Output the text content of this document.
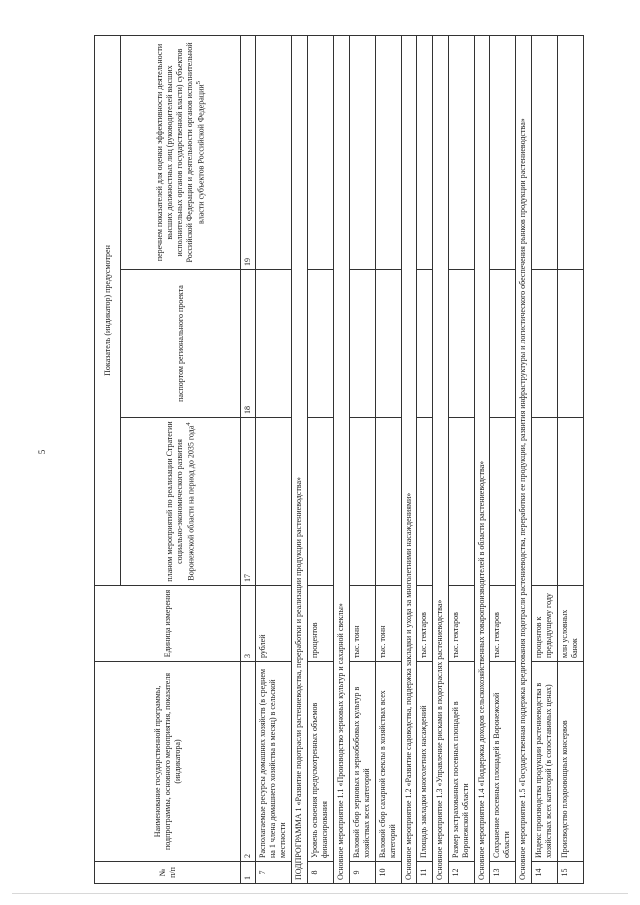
5
№ п/п	Наименование государственной программы, подпрограммы, основного мероприятия, показателя (индикатора)	Единица измерения	Показатель (индикатор) предусмотрен		
			планом мероприятий по реализации Стратегии социально-экономического развития Воронежской области на период до 2035 года$^4$	паспортом регионального проекта	перечнем показателей для оценки эффективности деятельности высших должностных лиц (руководителей высших исполнительных органов государственной власти) субъектов Российской Федерации и деятельности органов исполнительной власти субъектов Российской Федерации$^5$
1	2	3	17	18	19
7	Располагаемые ресурсы домашних хозяйств (в среднем на 1 члена домашнего хозяйства в месяц) в сельской местности	рублей			
ПОДПРОГРАММА 1 «Развитие подотрасли растениеводства, переработки и реализации продукции растениеводства»					
8	Уровень освоения предусмотренных объемов финансирования	процентов			
Основное мероприятие 1.1 «Производство зерновых культур и сахарной свеклы»					
9	Валовой сбор зерновых и зернобобовых культур в хозяйствах всех категорий	тыс. тонн			
10	Валовой сбор сахарной свеклы в хозяйствах всех категорий	тыс. тонн			
Основное мероприятие 1.2 «Развитие садоводства, поддержка закладки и ухода за многолетними насаждениями»					
11	Площадь закладки многолетних насаждений	тыс. гектаров			
Основное мероприятие 1.3 «Управление рисками в подотраслях растениеводства»					
12	Размер застрахованных посевных площадей в Воронежской области	тыс. гектаров			
Основное мероприятие 1.4 «Поддержка доходов сельскохозяйственных товаропроизводителей в области растениеводства»					
13	Сохранение посевных площадей в Воронежской области	тыс. гектаров			
Основное мероприятие 1.5 «Государственная поддержка кредитования подотрасли растениеводства, переработки ее продукции, развития инфраструктуры и логистического обеспечения рынков продукции растениеводства»					
14	Индекс производства продукции растениеводства в хозяйствах всех категорий (в сопоставимых ценах)	процентов к предыдущему году			
15	Производство плодоовощных консервов	млн условных банок			
